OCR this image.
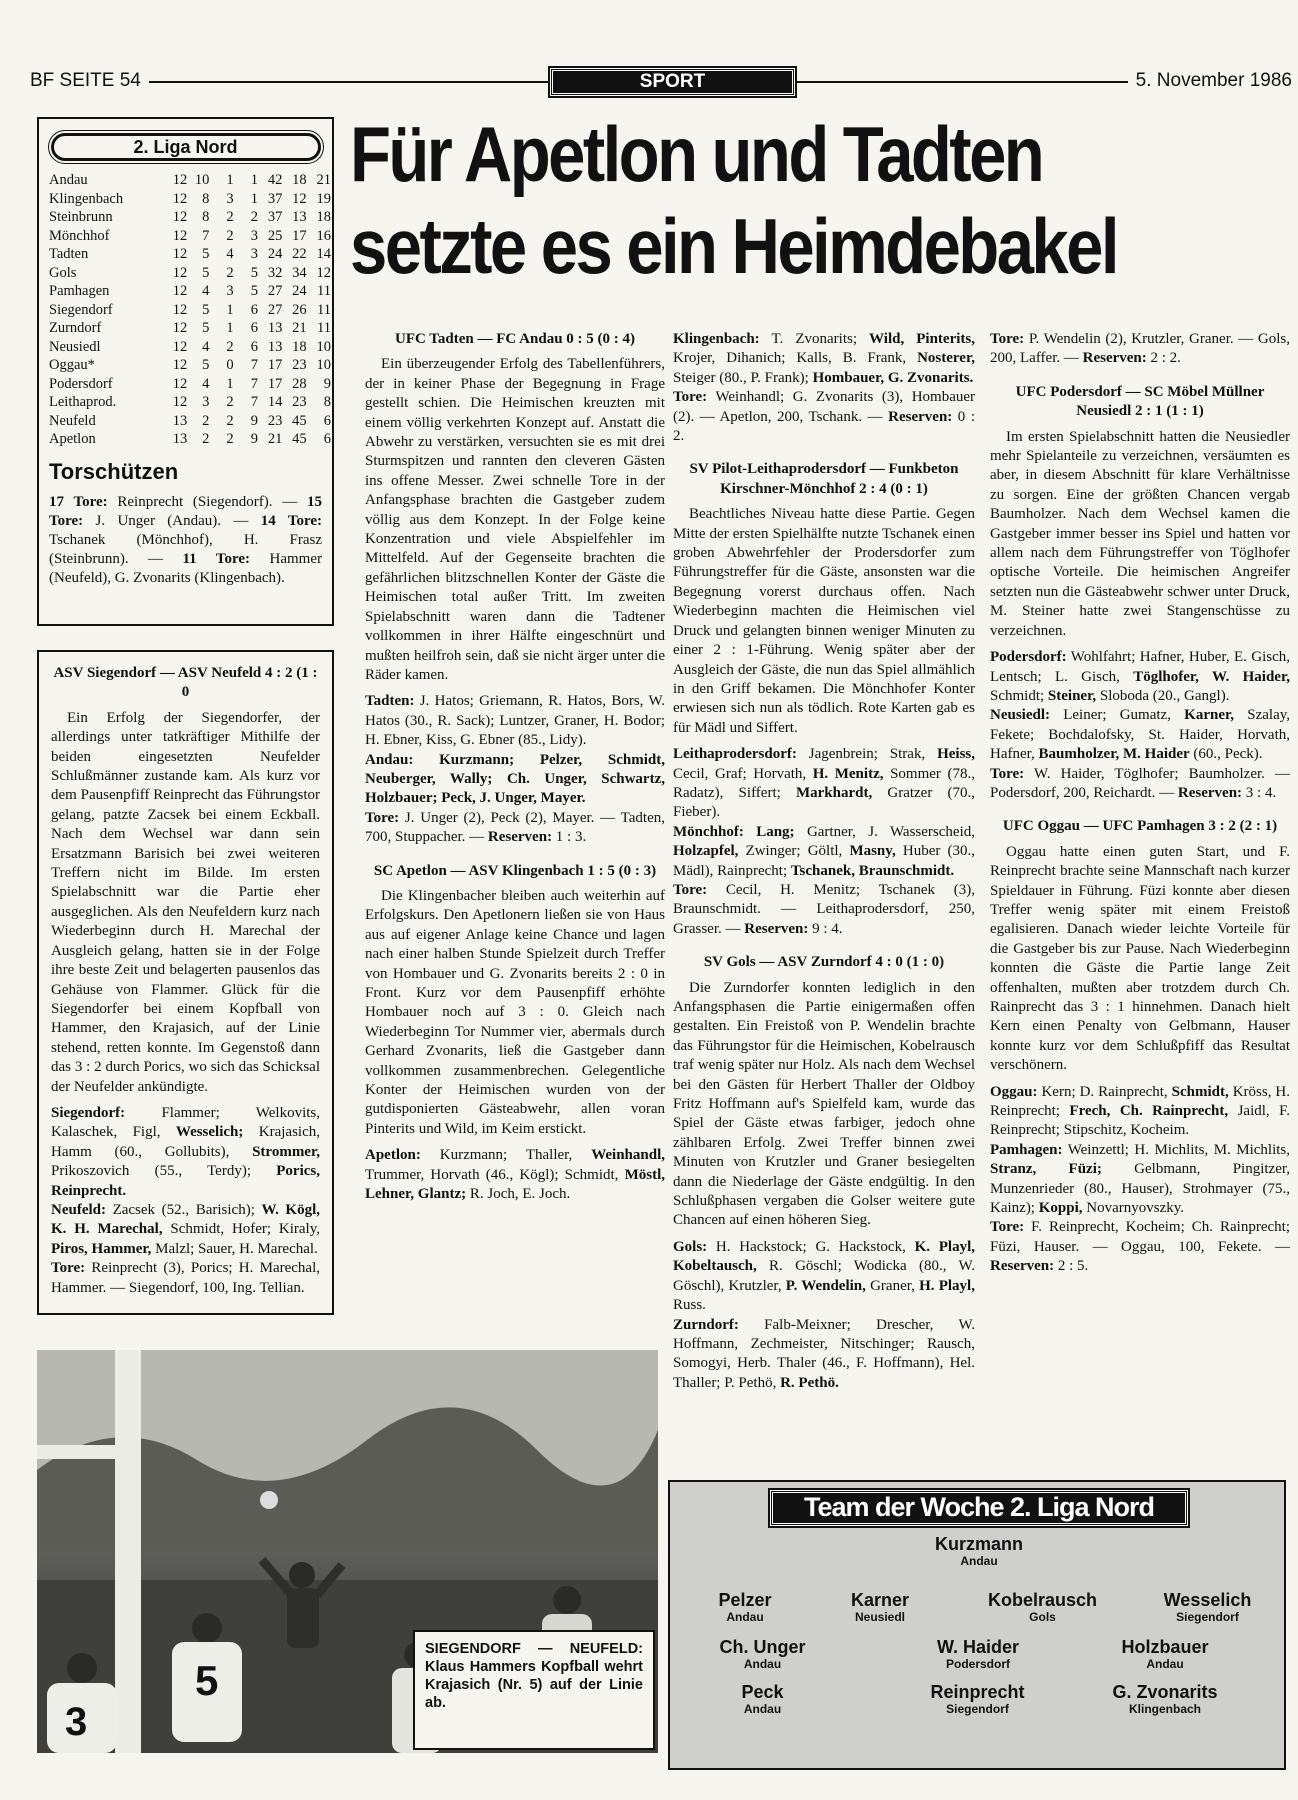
BF SEITE 54	SPORT	5. November 1986
Für Apetlon und Tadten
setzte es ein Heimdebakel
2. Liga Nord
Andau	12	10	1	1	42	18	21
Klingenbach	12	8	3	1	37	12	19
Steinbrunn	12	8	2	2	37	13	18
Mönchhof	12	7	2	3	25	17	16
Tadten	12	5	4	3	24	22	14
Gols	12	5	2	5	32	34	12
Pamhagen	12	4	3	5	27	24	11
Siegendorf	12	5	1	6	27	26	11
Zurndorf	12	5	1	6	13	21	11
Neusiedl	12	4	2	6	13	18	10
Oggau*	12	5	0	7	17	23	10
Podersdorf	12	4	1	7	17	28	9
Leithaprod.	12	3	2	7	14	23	8
Neufeld	13	2	2	9	23	45	6
Apetlon	13	2	2	9	21	45	6
Torschützen
17 Tore: Reinprecht (Siegendorf). — 15 Tore: J. Unger (Andau). — 14 Tore: Tschanek (Mönchhof), H. Frasz (Steinbrunn). — 11 Tore: Hammer (Neufeld), G. Zvonarits (Klingenbach).
ASV Siegendorf — ASV Neufeld 4 : 2 (1 : 0

Ein Erfolg der Siegendorfer, der allerdings unter tatkräftiger Mithilfe der beiden eingesetzten Neufelder Schlußmänner zustande kam. Als kurz vor dem Pausenpfiff Reinprecht das Führungstor gelang, patzte Zacsek bei einem Eckball. Nach dem Wechsel war dann sein Ersatzmann Barisich bei zwei weiteren Treffern nicht im Bilde. Im ersten Spielabschnitt war die Partie eher ausgeglichen. Als den Neufeldern kurz nach Wiederbeginn durch H. Marechal der Ausgleich gelang, hatten sie in der Folge ihre beste Zeit und belagerten pausenlos das Gehäuse von Flammer. Glück für die Siegendorfer bei einem Kopfball von Hammer, den Krajasich, auf der Linie stehend, retten konnte. Im Gegenstoß dann das 3 : 2 durch Porics, wo sich das Schicksal der Neufelder ankündigte.

Siegendorf: Flammer; Welkovits, Kalaschek, Figl, Wesselich; Krajasich, Hamm (60., Gollubits), Strommer, Prikoszovich (55., Terdy); Porics, Reinprecht.

Neufeld: Zacsek (52., Barisich); W. Kögl, K. H. Marechal, Schmidt, Hofer; Kiraly, Piros, Hammer, Malzl; Sauer, H. Marechal.

Tore: Reinprecht (3), Porics; H. Marechal, Hammer. — Siegendorf, 100, Ing. Tellian.

UFC Tadten — FC Andau 0 : 5 (0 : 4)

Ein überzeugender Erfolg des Tabellenführers, der in keiner Phase der Begegnung in Frage gestellt schien. Die Heimischen kreuzten mit einem völlig verkehrten Konzept auf. Anstatt die Abwehr zu verstärken, versuchten sie es mit drei Sturmspitzen und rannten den cleveren Gästen ins offene Messer. Zwei schnelle Tore in der Anfangsphase brachten die Gastgeber zudem völlig aus dem Konzept. In der Folge keine Konzentration und viele Abspielfehler im Mittelfeld. Auf der Gegenseite brachten die gefährlichen blitzschnellen Konter der Gäste die Heimischen total außer Tritt. Im zweiten Spielabschnitt waren dann die Tadtener vollkommen in ihrer Hälfte eingeschnürt und mußten heilfroh sein, daß sie nicht ärger unter die Räder kamen.

Tadten: J. Hatos; Griemann, R. Hatos, Bors, W. Hatos (30., R. Sack); Luntzer, Graner, H. Bodor; H. Ebner, Kiss, G. Ebner (85., Lidy).

Andau: Kurzmann; Pelzer, Schmidt, Neuberger, Wally; Ch. Unger, Schwartz, Holzbauer; Peck, J. Unger, Mayer.

Tore: J. Unger (2), Peck (2), Mayer. — Tadten, 700, Stuppacher. — Reserven: 1 : 3.

SC Apetlon — ASV Klingenbach 1 : 5 (0 : 3)

Die Klingenbacher bleiben auch weiterhin auf Erfolgskurs. Den Apetlonern ließen sie von Haus aus auf eigener Anlage keine Chance und lagen nach einer halben Stunde Spielzeit durch Treffer von Hombauer und G. Zvonarits bereits 2 : 0 in Front. Kurz vor dem Pausenpfiff erhöhte Hombauer noch auf 3 : 0. Gleich nach Wiederbeginn Tor Nummer vier, abermals durch Gerhard Zvonarits, ließ die Gastgeber dann vollkommen zusammenbrechen. Gelegentliche Konter der Heimischen wurden von der gutdisponierten Gästeabwehr, allen voran Pinterits und Wild, im Keim erstickt.

Apetlon: Kurzmann; Thaller, Weinhandl, Trummer, Horvath (46., Kögl); Schmidt, Möstl, Lehner, Glantz; R. Joch, E. Joch.

Klingenbach: T. Zvonarits; Wild, Pinterits, Krojer, Dihanich; Kalls, B. Frank, Nosterer, Steiger (80., P. Frank); Hombauer, G. Zvonarits.

Tore: Weinhandl; G. Zvonarits (3), Hombauer (2). — Apetlon, 200, Tschank. — Reserven: 0 : 2.

SV Pilot-Leithaprodersdorf — Funkbeton Kirschner-Mönchhof 2 : 4 (0 : 1)

Beachtliches Niveau hatte diese Partie. Gegen Mitte der ersten Spielhälfte nutzte Tschanek einen groben Abwehrfehler der Prodersdorfer zum Führungstreffer für die Gäste, ansonsten war die Begegnung vorerst durchaus offen. Nach Wiederbeginn machten die Heimischen viel Druck und gelangten binnen weniger Minuten zu einer 2 : 1-Führung. Wenig später aber der Ausgleich der Gäste, die nun das Spiel allmählich in den Griff bekamen. Die Mönchhofer Konter erwiesen sich nun als tödlich. Rote Karten gab es für Mädl und Siffert.

Leithaprodersdorf: Jagenbrein; Strak, Heiss, Cecil, Graf; Horvath, H. Menitz, Sommer (78., Radatz), Siffert; Markhardt, Gratzer (70., Fieber).

Mönchhof: Lang; Gartner, J. Wasserscheid, Holzapfel, Zwinger; Göltl, Masny, Huber (30., Mädl), Rainprecht; Tschanek, Braunschmidt.

Tore: Cecil, H. Menitz; Tschanek (3), Braunschmidt. — Leithaprodersdorf, 250, Grasser. — Reserven: 9 : 4.

SV Gols — ASV Zurndorf 4 : 0 (1 : 0)

Die Zurndorfer konnten lediglich in den Anfangsphasen die Partie einigermaßen offen gestalten. Ein Freistoß von P. Wendelin brachte das Führungstor für die Heimischen, Kobelrausch traf wenig später nur Holz. Als nach dem Wechsel bei den Gästen für Herbert Thaller der Oldboy Fritz Hoffmann auf's Spielfeld kam, wurde das Spiel der Gäste etwas farbiger, jedoch ohne zählbaren Erfolg. Zwei Treffer binnen zwei Minuten von Krutzler und Graner besiegelten dann die Niederlage der Gäste endgültig. In den Schlußphasen vergaben die Golser weitere gute Chancen auf einen höheren Sieg.

Gols: H. Hackstock; G. Hackstock, K. Playl, Kobeltausch, R. Göschl; Wodicka (80., W. Göschl), Krutzler, P. Wendelin, Graner, H. Playl, Russ.

Zurndorf: Falb-Meixner; Drescher, W. Hoffmann, Zechmeister, Nitschinger; Rausch, Somogyi, Herb. Thaler (46., F. Hoffmann), Hel. Thaller; P. Pethö, R. Pethö.

Tore: P. Wendelin (2), Krutzler, Graner. — Gols, 200, Laffer. — Reserven: 2 : 2.

UFC Podersdorf — SC Möbel Müllner Neusiedl 2 : 1 (1 : 1)

Im ersten Spielabschnitt hatten die Neusiedler mehr Spielanteile zu verzeichnen, versäumten es aber, in diesem Abschnitt für klare Verhältnisse zu sorgen. Eine der größten Chancen vergab Baumholzer. Nach dem Wechsel kamen die Gastgeber immer besser ins Spiel und hatten vor allem nach dem Führungstreffer von Töglhofer optische Vorteile. Die heimischen Angreifer setzten nun die Gästeabwehr schwer unter Druck, M. Steiner hatte zwei Stangenschüsse zu verzeichnen.

Podersdorf: Wohlfahrt; Hafner, Huber, E. Gisch, Lentsch; L. Gisch, Töglhofer, W. Haider, Schmidt; Steiner, Sloboda (20., Gangl).

Neusiedl: Leiner; Gumatz, Karner, Szalay, Fekete; Bochdalofsky, St. Haider, Horvath, Hafner, Baumholzer, M. Haider (60., Peck).

Tore: W. Haider, Töglhofer; Baumholzer. — Podersdorf, 200, Reichardt. — Reserven: 3 : 4.

UFC Oggau — UFC Pamhagen 3 : 2 (2 : 1)

Oggau hatte einen guten Start, und F. Reinprecht brachte seine Mannschaft nach kurzer Spieldauer in Führung. Füzi konnte aber diesen Treffer wenig später mit einem Freistoß egalisieren. Danach wieder leichte Vorteile für die Gastgeber bis zur Pause. Nach Wiederbeginn konnten die Gäste die Partie lange Zeit offenhalten, mußten aber trotzdem durch Ch. Rainprecht das 3 : 1 hinnehmen. Danach hielt Kern einen Penalty von Gelbmann, Hauser konnte kurz vor dem Schlußpfiff das Resultat verschönern.

Oggau: Kern; D. Rainprecht, Schmidt, Kröss, H. Reinprecht; Frech, Ch. Rainprecht, Jaidl, F. Reinprecht; Stipschitz, Kocheim.

Pamhagen: Weinzettl; H. Michlits, M. Michlits, Stranz, Füzi; Gelbmann, Pingitzer, Munzenrieder (80., Hauser), Strohmayer (75., Kainz); Koppi, Novarnyovszky.

Tore: F. Reinprecht, Kocheim; Ch. Rainprecht; Füzi, Hauser. — Oggau, 100, Fekete. — Reserven: 2 : 5.

5
3
SIEGENDORF — NEUFELD: Klaus Hammers Kopfball wehrt Krajasich (Nr. 5) auf der Linie ab.
Team der Woche 2. Liga Nord
Kurzmann
Andau
Pelzer
Andau
Karner
Neusiedl
Kobelrausch
Gols
Wesselich
Siegendorf
Ch. Unger
Andau
W. Haider
Podersdorf
Holzbauer
Andau
Peck
Andau
Reinprecht
Siegendorf
G. Zvonarits
Klingenbach
